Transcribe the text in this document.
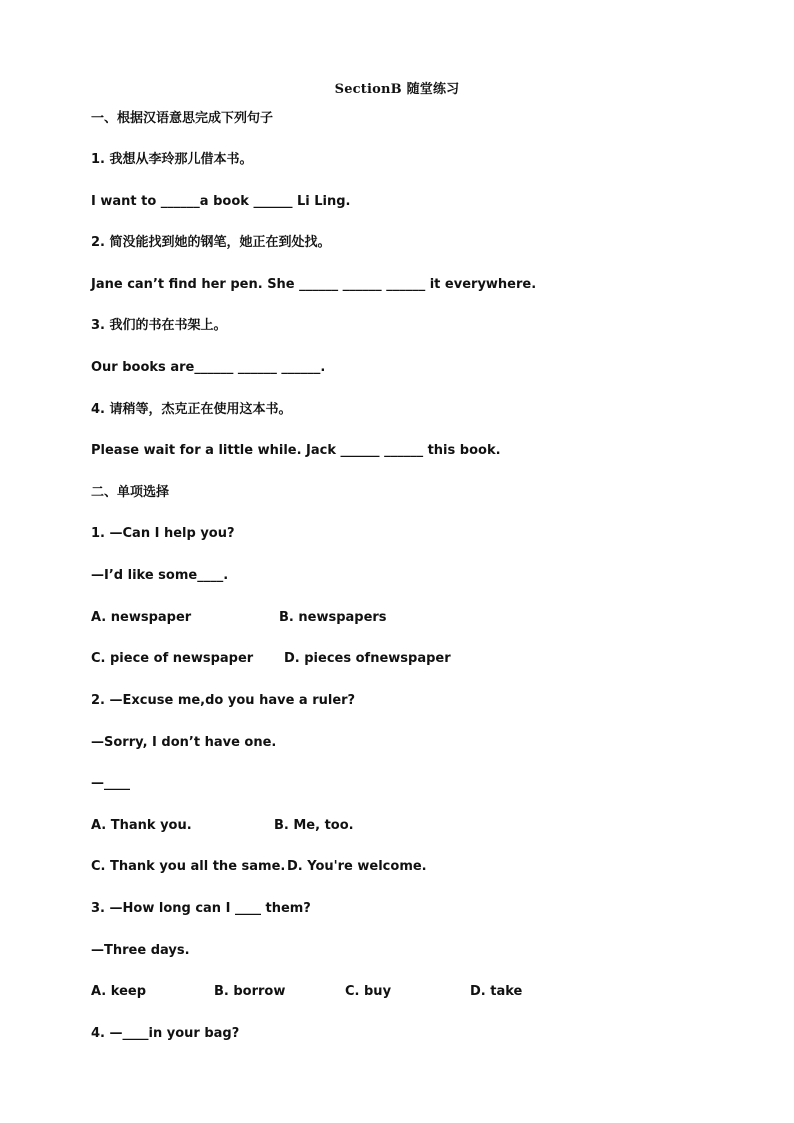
SectionB 随堂练习
一、根据汉语意思完成下列句子
1. 我想从李玲那儿借本书。
I want to ______a book ______ Li Ling.
2. 简没能找到她的钢笔，她正在到处找。
Jane can’t find her pen. She ______ ______ ______ it everywhere.
3. 我们的书在书架上。
Our books are______ ______ ______.
4. 请稍等，杰克正在使用这本书。
Please wait for a little while. Jack ______ ______ this book.
二、单项选择
1. —Can I help you?
—I’d like some____.
A. newspaper	B. newspapers
C. piece of newspaper D. pieces ofnewspaper
2. —Excuse me,do you have a ruler?
—Sorry, I don’t have one.
—____
A. Thank you.	B. Me, too.
C. Thank you all the same. D. You're welcome.
3. —How long can I ____ them?
—Three days.
A. keep	B. borrow	C. buy	D. take
4. —____in your bag?
